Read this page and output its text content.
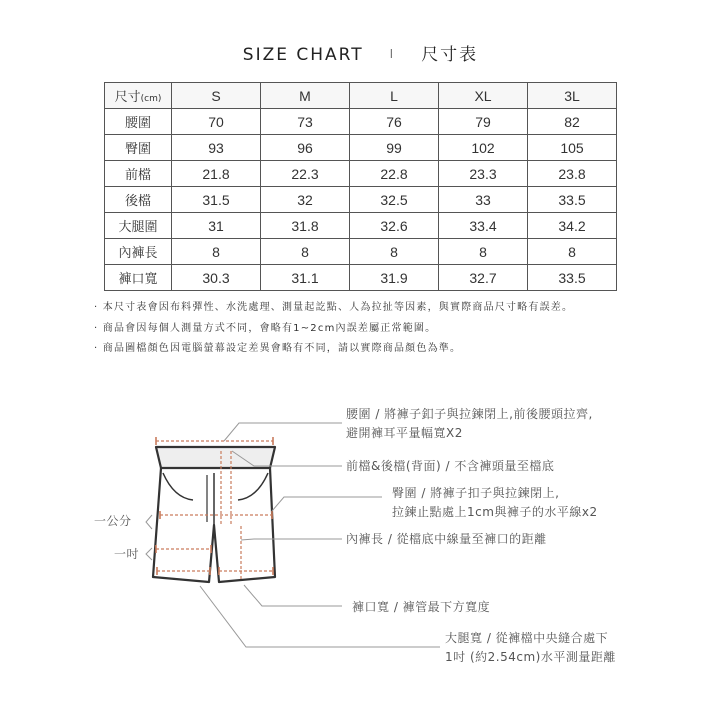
SIZE CHART I 尺寸表
尺寸(cm)	S	M	L	XL	3L
腰圍	70	73	76	79	82
臀圍	93	96	99	102	105
前檔	21.8	22.3	22.8	23.3	23.8
後檔	31.5	32	32.5	33	33.5
大腿圍	31	31.8	32.6	33.4	34.2
內褲長	8	8	8	8	8
褲口寬	30.3	31.1	31.9	32.7	33.5
· 本尺寸表會因布料彈性、水洗處理、測量起訖點、人為拉扯等因素，與實際商品尺寸略有誤差。
· 商品會因每個人測量方式不同，會略有1~2cm內誤差屬正常範圍。
· 商品圖檔顏色因電腦螢幕設定差異會略有不同，請以實際商品顏色為準。
腰圍 / 將褲子釦子與拉鍊閉上,前後腰頭拉齊,
避開褲耳平量幅寬X2
前檔&後檔(背面) / 不含褲頭量至檔底
臀圍 / 將褲子扣子與拉鍊閉上,
拉鍊止點處上1cm與褲子的水平線x2
內褲長 / 從檔底中線量至褲口的距離
褲口寬 / 褲管最下方寬度
大腿寬 / 從褲檔中央縫合處下
1吋 (約2.54cm)水平測量距離
一公分
一吋
